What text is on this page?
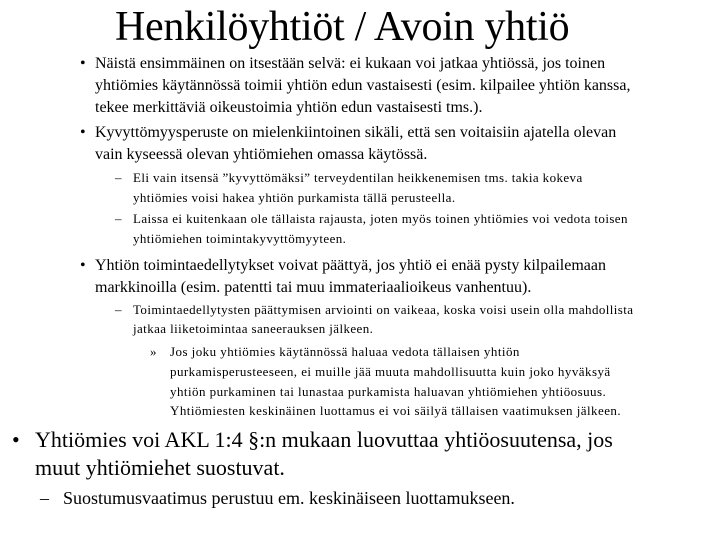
Henkilöyhtiöt / Avoin yhtiö
• Näistä ensimmäinen on itsestään selvä: ei kukaan voi jatkaa yhtiössä, jos toinen
yhtiömies käytännössä toimii yhtiön edun vastaisesti (esim. kilpailee yhtiön kanssa,
tekee merkittäviä oikeustoimia yhtiön edun vastaisesti tms.).
• Kyvyttömyysperuste on mielenkiintoinen sikäli, että sen voitaisiin ajatella olevan
vain kyseessä olevan yhtiömiehen omassa käytössä.
– Eli vain itsensä ”kyvyttömäksi” terveydentilan heikkenemisen tms. takia kokeva
yhtiömies voisi hakea yhtiön purkamista tällä perusteella.
– Laissa ei kuitenkaan ole tällaista rajausta, joten myös toinen yhtiömies voi vedota toisen
yhtiömiehen toimintakyvyttömyyteen.
• Yhtiön toimintaedellytykset voivat päättyä, jos yhtiö ei enää pysty kilpailemaan
markkinoilla (esim. patentti tai muu immateriaalioikeus vanhentuu).
– Toimintaedellytysten päättymisen arviointi on vaikeaa, koska voisi usein olla mahdollista
jatkaa liiketoimintaa saneerauksen jälkeen.
» Jos joku yhtiömies käytännössä haluaa vedota tällaisen yhtiön
purkamisperusteeseen, ei muille jää muuta mahdollisuutta kuin joko hyväksyä
yhtiön purkaminen tai lunastaa purkamista haluavan yhtiömiehen yhtiöosuus.
Yhtiömiesten keskinäinen luottamus ei voi säilyä tällaisen vaatimuksen jälkeen.
• Yhtiömies voi AKL 1:4 §:n mukaan luovuttaa yhtiöosuutensa, jos
muut yhtiömiehet suostuvat.
– Suostumusvaatimus perustuu em. keskinäiseen luottamukseen.
